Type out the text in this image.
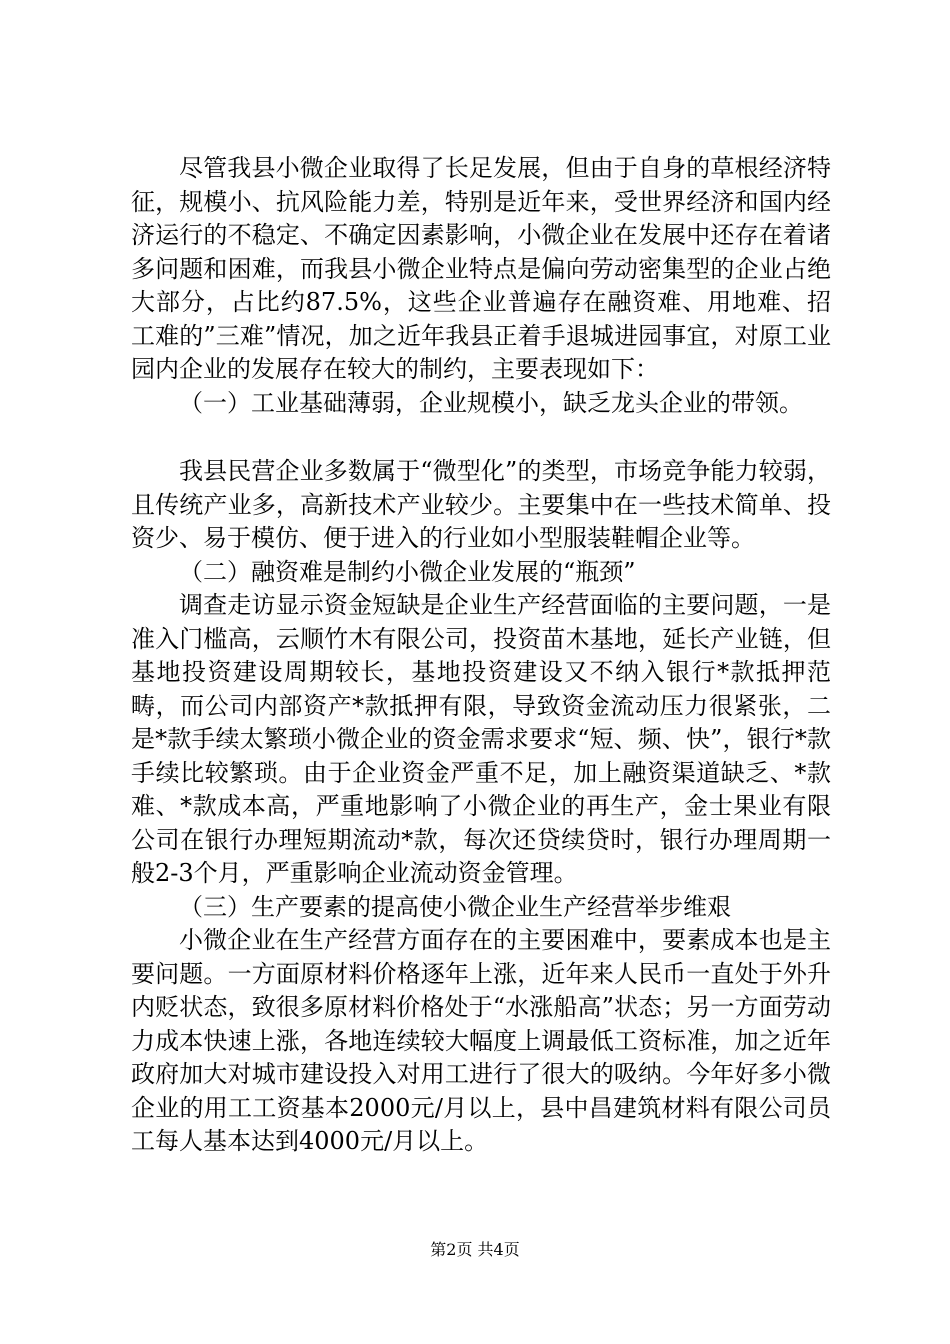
尽管我县小微企业取得了长足发展，但由于自身的草根经济特征，规模小、抗风险能力差，特别是近年来，受世界经济和国内经济运行的不稳定、不确定因素影响，小微企业在发展中还存在着诸多问题和困难，而我县小微企业特点是偏向劳动密集型的企业占绝大部分，占比约87.5%，这些企业普遍存在融资难、用地难、招工难的”三难”情况，加之近年我县正着手退城进园事宜，对原工业园内企业的发展存在较大的制约，主要表现如下：

（一）工业基础薄弱，企业规模小，缺乏龙头企业的带领。

我县民营企业多数属于“微型化”的类型，市场竞争能力较弱，且传统产业多，高新技术产业较少。主要集中在一些技术简单、投资少、易于模仿、便于进入的行业如小型服装鞋帽企业等。

（二）融资难是制约小微企业发展的“瓶颈”

调查走访显示资金短缺是企业生产经营面临的主要问题，一是准入门槛高，云顺竹木有限公司，投资苗木基地，延长产业链，但基地投资建设周期较长，基地投资建设又不纳入银行*款抵押范畴，而公司内部资产*款抵押有限，导致资金流动压力很紧张，二是*款手续太繁琐小微企业的资金需求要求“短、频、快”，银行*款手续比较繁琐。由于企业资金严重不足，加上融资渠道缺乏、*款难、*款成本高，严重地影响了小微企业的再生产，金士果业有限公司在银行办理短期流动*款，每次还贷续贷时，银行办理周期一般2-3个月，严重影响企业流动资金管理。

（三）生产要素的提高使小微企业生产经营举步维艰

小微企业在生产经营方面存在的主要困难中，要素成本也是主要问题。一方面原材料价格逐年上涨，近年来人民币一直处于外升内贬状态，致很多原材料价格处于“水涨船高”状态；另一方面劳动力成本快速上涨，各地连续较大幅度上调最低工资标准，加之近年政府加大对城市建设投入对用工进行了很大的吸纳。今年好多小微企业的用工工资基本2000元/月以上，县中昌建筑材料有限公司员工每人基本达到4000元/月以上。

第2页 共4页
